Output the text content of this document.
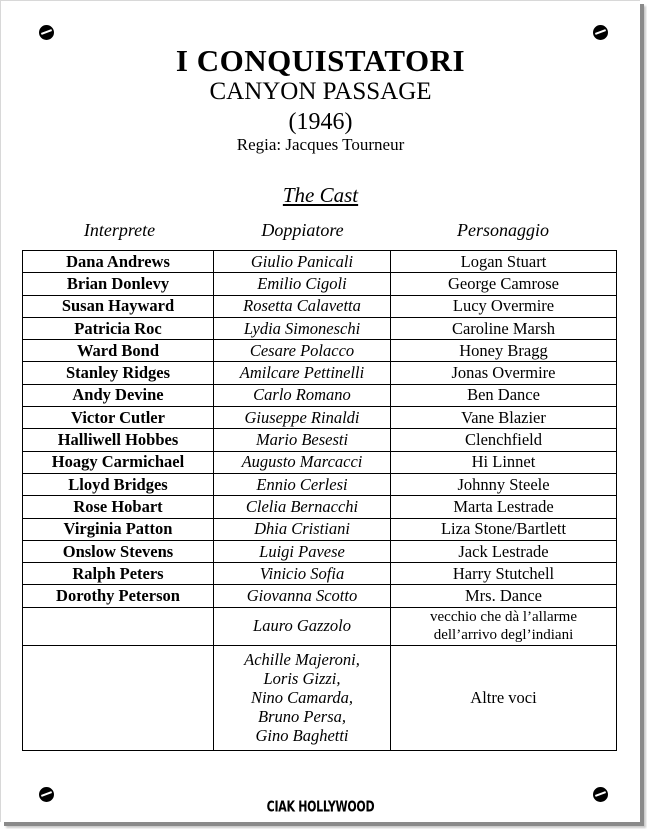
I CONQUISTATORI
CANYON PASSAGE
(1946)
Regia: Jacques Tourneur
The Cast
Interprete	Doppiatore	Personaggio
Dana Andrews	Giulio Panicali	Logan Stuart
Brian Donlevy	Emilio Cigoli	George Camrose
Susan Hayward	Rosetta Calavetta	Lucy Overmire
Patricia Roc	Lydia Simoneschi	Caroline Marsh
Ward Bond	Cesare Polacco	Honey Bragg
Stanley Ridges	Amilcare Pettinelli	Jonas Overmire
Andy Devine	Carlo Romano	Ben Dance
Victor Cutler	Giuseppe Rinaldi	Vane Blazier
Halliwell Hobbes	Mario Besesti	Clenchfield
Hoagy Carmichael	Augusto Marcacci	Hi Linnet
Lloyd Bridges	Ennio Cerlesi	Johnny Steele
Rose Hobart	Clelia Bernacchi	Marta Lestrade
Virginia Patton	Dhia Cristiani	Liza Stone/Bartlett
Onslow Stevens	Luigi Pavese	Jack Lestrade
Ralph Peters	Vinicio Sofia	Harry Stutchell
Dorothy Peterson	Giovanna Scotto	Mrs. Dance
	Lauro Gazzolo	vecchio che dà l’allarme
dell’arrivo degl’indiani

	Achille Majeroni,
Loris Gizzi,
Nino Camarda,
Bruno Persa,
Gino Baghetti	Altre voci
CIAK HOLLYWOOD
